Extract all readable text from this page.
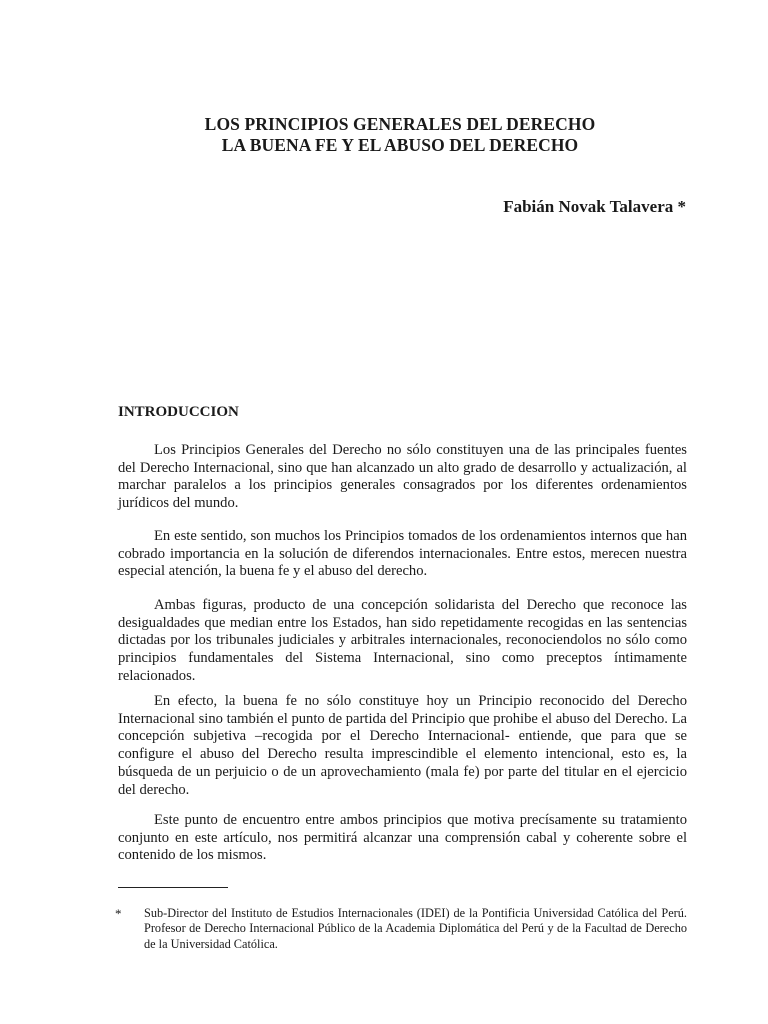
LOS PRINCIPIOS GENERALES DEL DERECHO
LA BUENA FE Y EL ABUSO DEL DERECHO
Fabián Novak Talavera *
INTRODUCCION

Los Principios Generales del Derecho no sólo constituyen una de las principales fuentes del Derecho Internacional, sino que han alcanzado un alto grado de desarrollo y actualización, al marchar paralelos a los principios generales consagrados por los diferentes ordenamientos jurídicos del mundo.

En este sentido, son muchos los Principios tomados de los ordenamientos internos que han cobrado importancia en la solución de diferendos internacionales. Entre estos, merecen nuestra especial atención, la buena fe y el abuso del derecho.

Ambas figuras, producto de una concepción solidarista del Derecho que reconoce las desigualdades que median entre los Estados, han sido repetidamente recogidas en las sentencias dictadas por los tribunales judiciales y arbitrales internacionales, reconociendolos no sólo como principios fundamentales del Sistema Internacional, sino como preceptos íntimamente relacionados.

En efecto, la buena fe no sólo constituye hoy un Principio reconocido del Derecho Internacional sino también el punto de partida del Principio que prohibe el abuso del Derecho. La concepción subjetiva –recogida por el Derecho Internacional- entiende, que para que se configure el abuso del Derecho resulta imprescindible el elemento intencional, esto es, la búsqueda de un perjuicio o de un aprovechamiento (mala fe) por parte del titular en el ejercicio del derecho.

Este punto de encuentro entre ambos principios que motiva precísamente su tratamiento conjunto en este artículo, nos permitirá alcanzar una comprensión cabal y coherente sobre el contenido de los mismos.

* Sub-Director del Instituto de Estudios Internacionales (IDEI) de la Pontificia Universidad Católica del Perú. Profesor de Derecho Internacional Público de la Academia Diplomática del Perú y de la Facultad de Derecho de la Universidad Católica.
